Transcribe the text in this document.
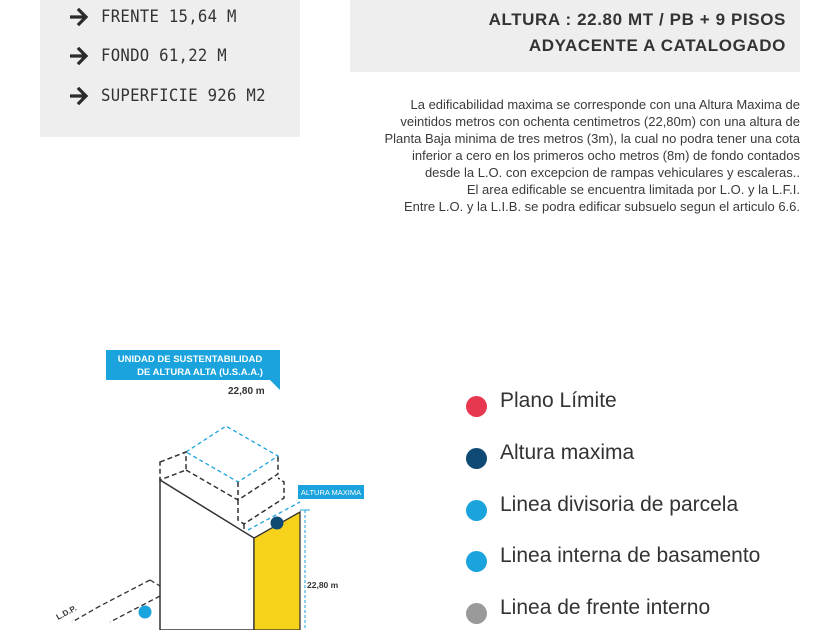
FRENTE 15,64 M
FONDO 61,22 M
SUPERFICIE 926 M2
ALTURA : 22.80 MT / PB + 9 PISOS
ADYACENTE A CATALOGADO
La edificabilidad maxima se corresponde con una Altura Maxima de
veintidos metros con ochenta centimetros (22,80m) con una altura de
Planta Baja minima de tres metros (3m), la cual no podra tener una cota
inferior a cero en los primeros ocho metros (8m) de fondo contados
desde la L.O. con excepcion de rampas vehiculares y escaleras..
El area edificable se encuentra limitada por L.O. y la L.F.I.
Entre L.O. y la L.I.B. se podra edificar subsuelo segun el articulo 6.6.
UNIDAD DE SUSTENTABILIDAD
DE ALTURA ALTA (U.S.A.A.)
22,80 m
ALTURA MAXIMA
22,80 m
L.D.P.
Plano Límite
Altura maxima
Linea divisoria de parcela
Linea interna de basamento
Linea de frente interno
